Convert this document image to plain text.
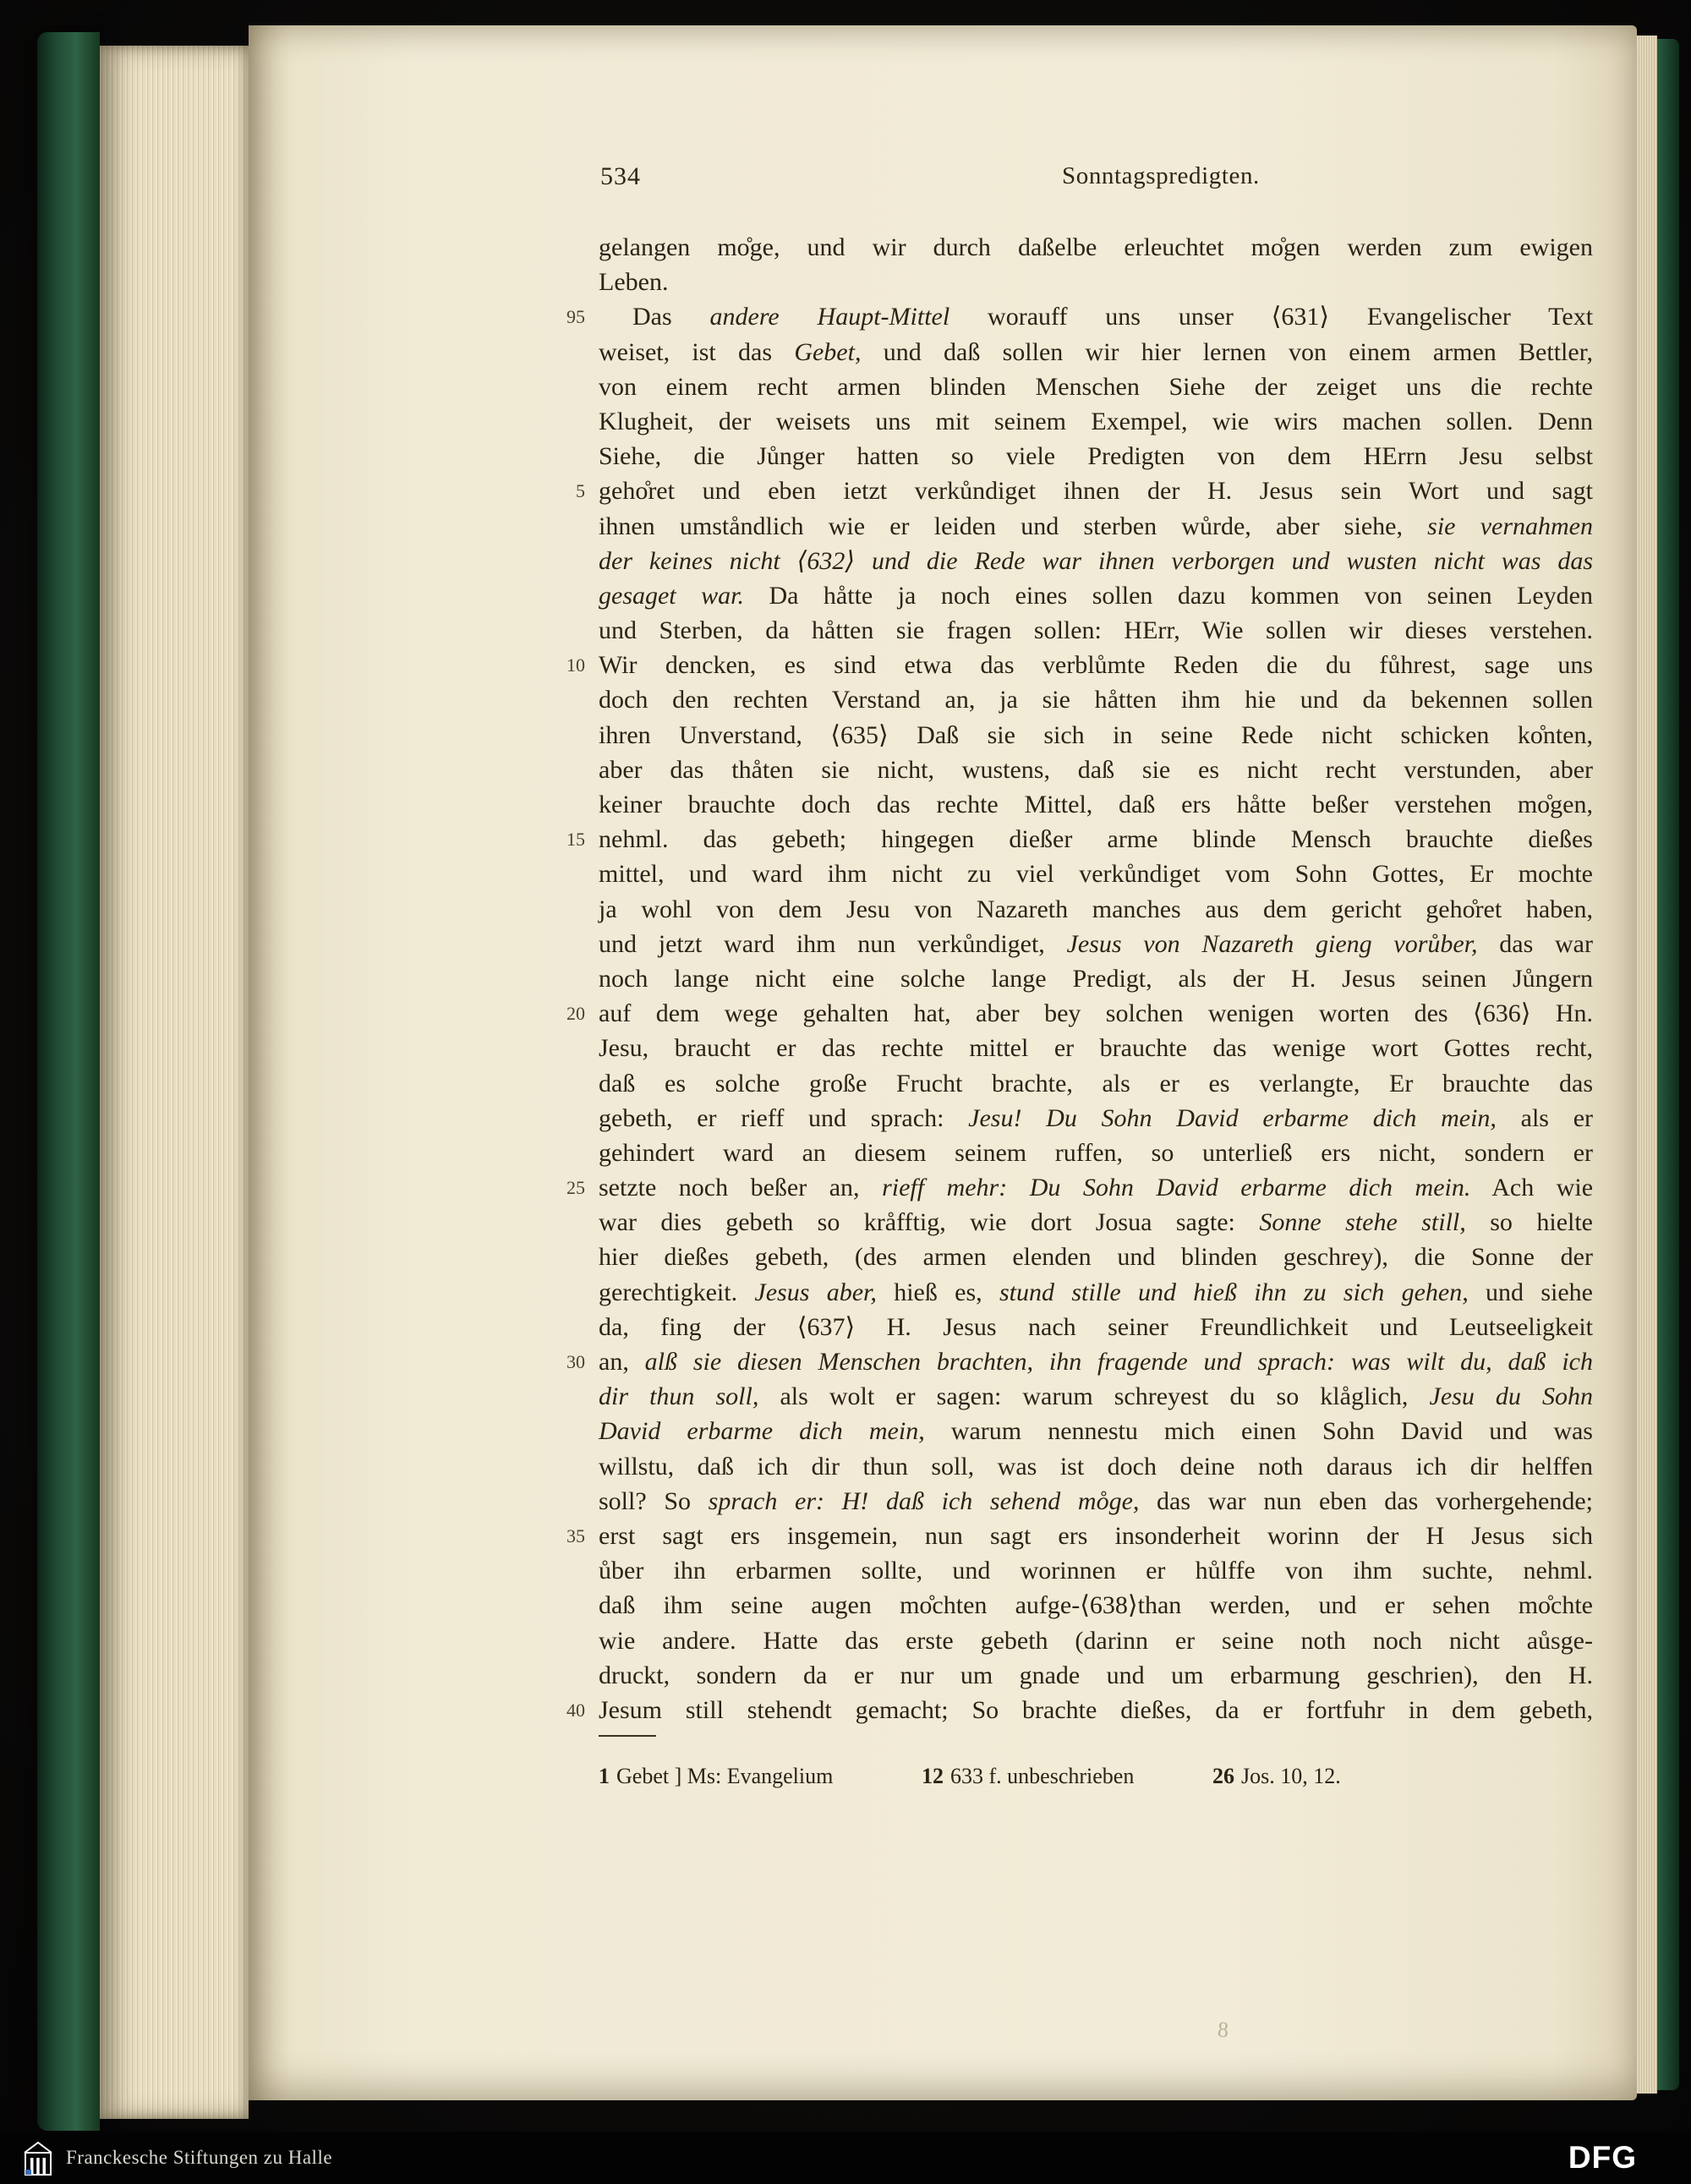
534	Sonntagspredigten.
gelangen mo̊ge, und wir durch daßelbe erleuchtet mo̊gen werden zum ewigen
Leben.
95	Das andere Haupt-Mittel worauff uns unser ⟨631⟩ Evangelischer Text
weiset, ist das Gebet, und daß sollen wir hier lernen von einem armen Bettler,
von einem recht armen blinden Menschen Siehe der zeiget uns die rechte
Klugheit, der weisets uns mit seinem Exempel, wie wirs machen sollen. Denn
Siehe, die Jůnger hatten so viele Predigten von dem HErrn Jesu selbst
5 geho̊ret und eben ietzt verkůndiget ihnen der H. Jesus sein Wort und sagt
ihnen umståndlich wie er leiden und sterben wůrde, aber siehe, sie vernahmen
der keines nicht ⟨632⟩ und die Rede war ihnen verborgen und wusten nicht was das
gesaget war. Da håtte ja noch eines sollen dazu kommen von seinen Leyden
und Sterben, da håtten sie fragen sollen: HErr, Wie sollen wir dieses verstehen.
10 Wir dencken, es sind etwa das verblůmte Reden die du fůhrest, sage uns
doch den rechten Verstand an, ja sie håtten ihm hie und da bekennen sollen
ihren Unverstand, ⟨635⟩ Daß sie sich in seine Rede nicht schicken ko̊nten,
aber das thåten sie nicht, wustens, daß sie es nicht recht verstunden, aber
keiner brauchte doch das rechte Mittel, daß ers håtte beßer verstehen mo̊gen,
15 nehml. das gebeth; hingegen dießer arme blinde Mensch brauchte dießes
mittel, und ward ihm nicht zu viel verkůndiget vom Sohn Gottes, Er mochte
ja wohl von dem Jesu von Nazareth manches aus dem gericht geho̊ret haben,
und jetzt ward ihm nun verkůndiget, Jesus von Nazareth gieng vorůber, das war
noch lange nicht eine solche lange Predigt, als der H. Jesus seinen Jůngern
20 auf dem wege gehalten hat, aber bey solchen wenigen worten des ⟨636⟩ Hn.
Jesu, braucht er das rechte mittel er brauchte das wenige wort Gottes recht,
daß es solche große Frucht brachte, als er es verlangte, Er brauchte das
gebeth, er rieff und sprach: Jesu! Du Sohn David erbarme dich mein, als er
gehindert ward an diesem seinem ruffen, so unterließ ers nicht, sondern er
25 setzte noch beßer an, rieff mehr: Du Sohn David erbarme dich mein. Ach wie
war dies gebeth so kråfftig, wie dort Josua sagte: Sonne stehe still, so hielte
hier dießes gebeth, (des armen elenden und blinden geschrey), die Sonne der
gerechtigkeit. Jesus aber, hieß es, stund stille und hieß ihn zu sich gehen, und siehe
da, fing der ⟨637⟩ H. Jesus nach seiner Freundlichkeit und Leutseeligkeit
30 an, alß sie diesen Menschen brachten, ihn fragende und sprach: was wilt du, daß ich
dir thun soll, als wolt er sagen: warum schreyest du so klåglich, Jesu du Sohn
David erbarme dich mein, warum nennestu mich einen Sohn David und was
willstu, daß ich dir thun soll, was ist doch deine noth daraus ich dir helffen
soll? So sprach er: H! daß ich sehend mo̊ge, das war nun eben das vorhergehende;
35 erst sagt ers insgemein, nun sagt ers insonderheit worinn der H Jesus sich
ůber ihn erbarmen sollte, und worinnen er hůlffe von ihm suchte, nehml.
daß ihm seine augen mo̊chten aufge-⟨638⟩than werden, und er sehen mo̊chte
wie andere. Hatte das erste gebeth (darinn er seine noth noch nicht aůsge-
druckt, sondern da er nur um gnade und um erbarmung geschrien), den H.
40 Jesum still stehendt gemacht; So brachte dießes, da er fortfuhr in dem gebeth,
1 Gebet ] Ms: Evangelium	12 633 f. unbeschrieben	26 Jos. 10, 12.
8
Franckesche Stiftungen zu Halle	DFG
